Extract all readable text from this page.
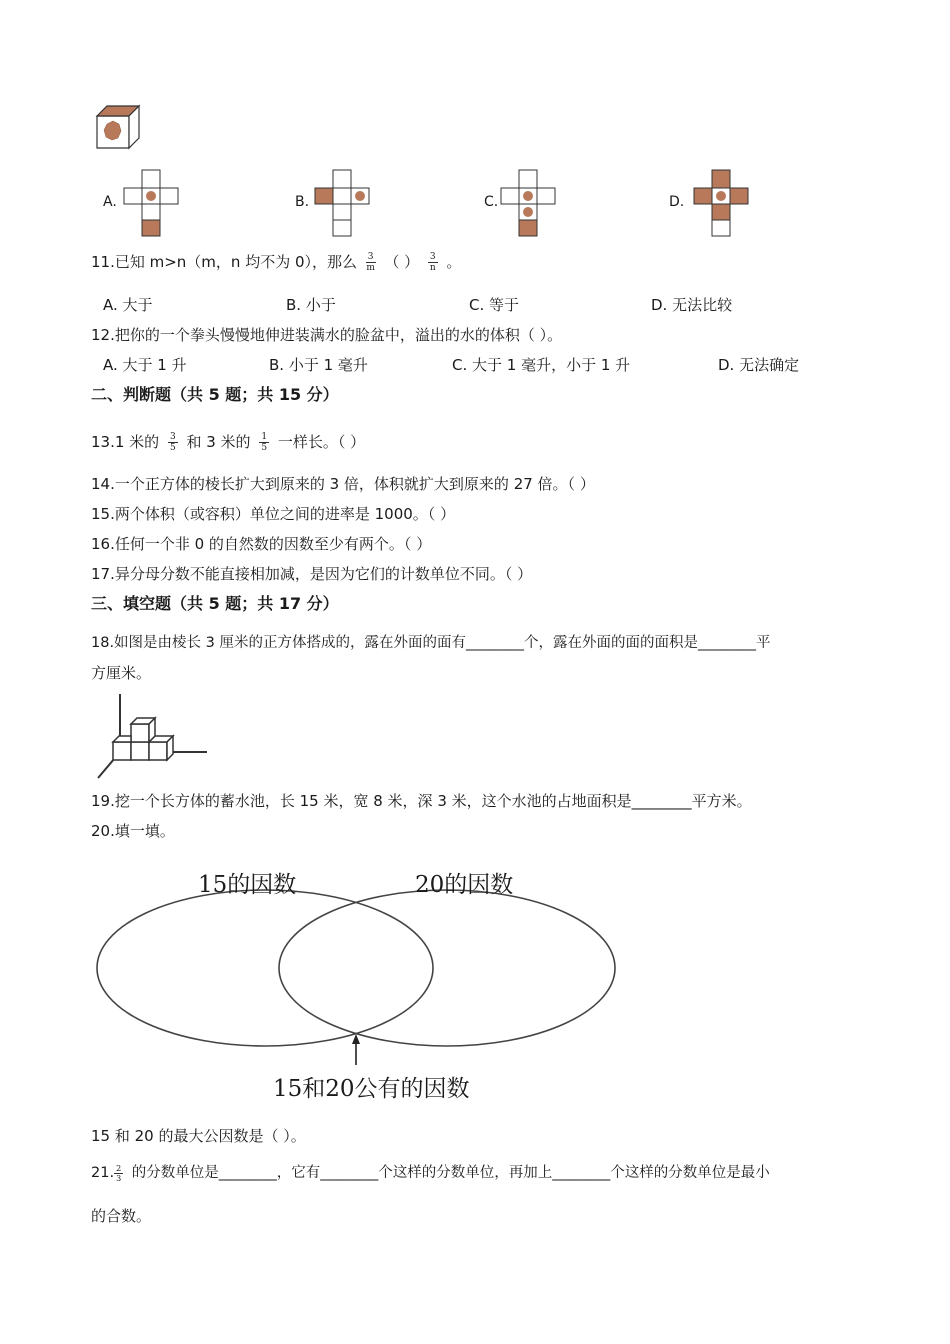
A.	B.	C.	D.
11.已知 m>n（m，n 均不为 0），那么 $\frac{3}{m}$ （ ） $\frac{3}{n}$ 。
A. 大于	B. 小于	C. 等于	D. 无法比较
12.把你的一个拳头慢慢地伸进装满水的脸盆中，溢出的水的体积（ ）。
A. 大于 1 升	B. 小于 1 毫升	C. 大于 1 毫升，小于 1 升	D. 无法确定
二、判断题（共 5 题；共 15 分）
13.1 米的 $\frac{3}{5}$ 和 3 米的 $\frac{1}{5}$ 一样长。（ ）
14.一个正方体的棱长扩大到原来的 3 倍，体积就扩大到原来的 27 倍。（ ）
15.两个体积（或容积）单位之间的进率是 1000。（ ）
16.任何一个非 0 的自然数的因数至少有两个。（ ）
17.异分母分数不能直接相加减，是因为它们的计数单位不同。（ ）
三、填空题（共 5 题；共 17 分）
18.如图是由棱长 3 厘米的正方体搭成的，露在外面的面有________个，露在外面的面的面积是________平
方厘米。
19.挖一个长方体的蓄水池，长 15 米，宽 8 米，深 3 米，这个水池的占地面积是________平方米。
20.填一填。
15的因数	20的因数
15和20公有的因数
15 和 20 的最大公因数是（ ）。
21. $\frac{2}{3}$ 的分数单位是________，它有________个这样的分数单位，再加上________个这样的分数单位是最小
的合数。
